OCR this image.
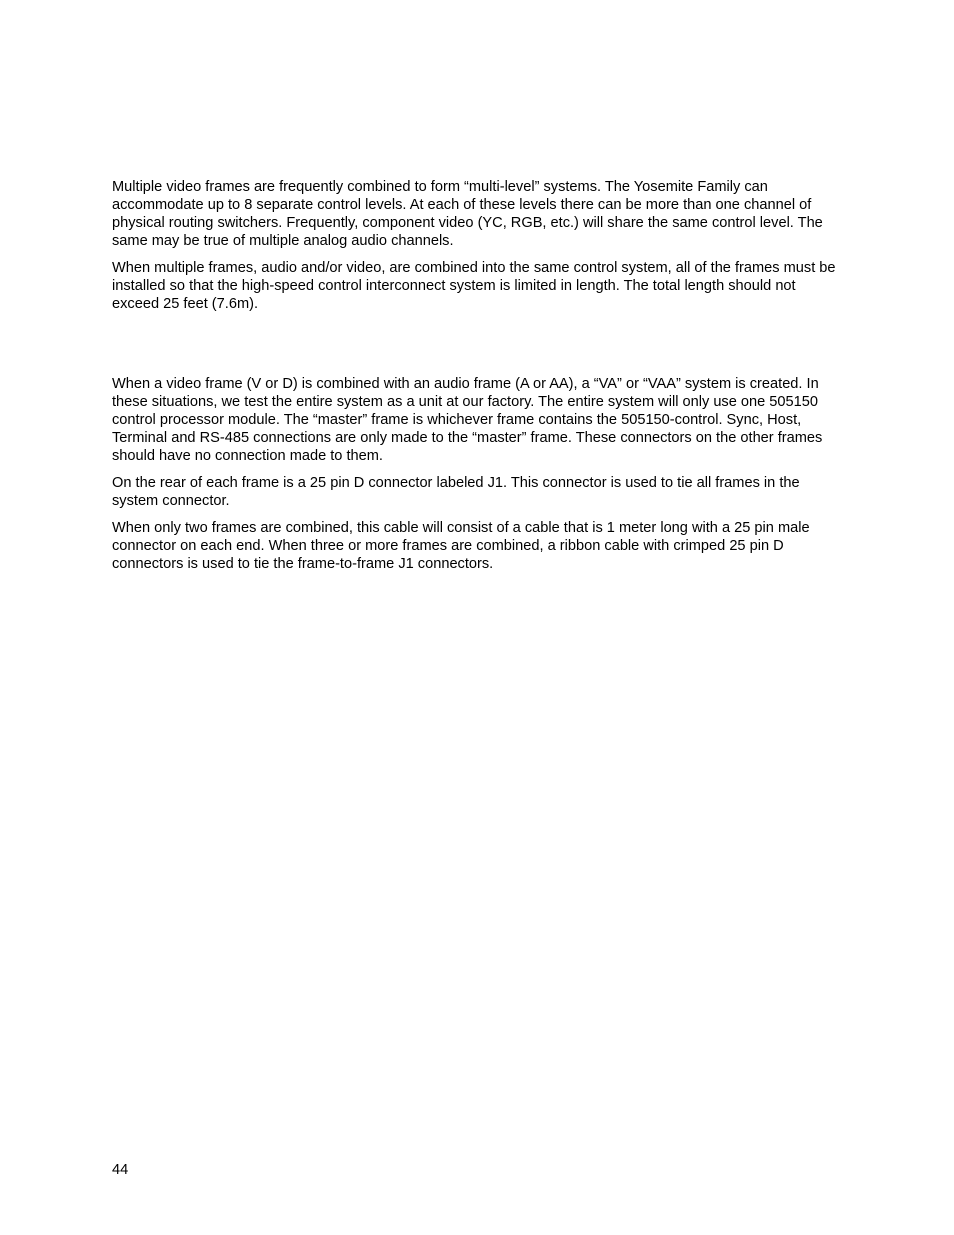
Multiple video frames are frequently combined to form “multi-level” systems. The Yosemite Family can accommodate up to 8 separate control levels. At each of these levels there can be more than one channel of physical routing switchers. Frequently, component video (YC, RGB, etc.) will share the same control level. The same may be true of multiple analog audio channels.

When multiple frames, audio and/or video, are combined into the same control system, all of the frames must be installed so that the high-speed control interconnect system is limited in length. The total length should not exceed 25 feet (7.6m).

When a video frame (V or D) is combined with an audio frame (A or AA), a “VA” or “VAA” system is created. In these situations, we test the entire system as a unit at our factory. The entire system will only use one 505150 control processor module. The “master” frame is whichever frame contains the 505150-control. Sync, Host, Terminal and RS-485 connections are only made to the “master” frame. These connectors on the other frames should have no connection made to them.

On the rear of each frame is a 25 pin D connector labeled J1. This connector is used to tie all frames in the system connector.

When only two frames are combined, this cable will consist of a cable that is 1 meter long with a 25 pin male connector on each end. When three or more frames are combined, a ribbon cable with crimped 25 pin D connectors is used to tie the frame-to-frame J1 connectors.

44
